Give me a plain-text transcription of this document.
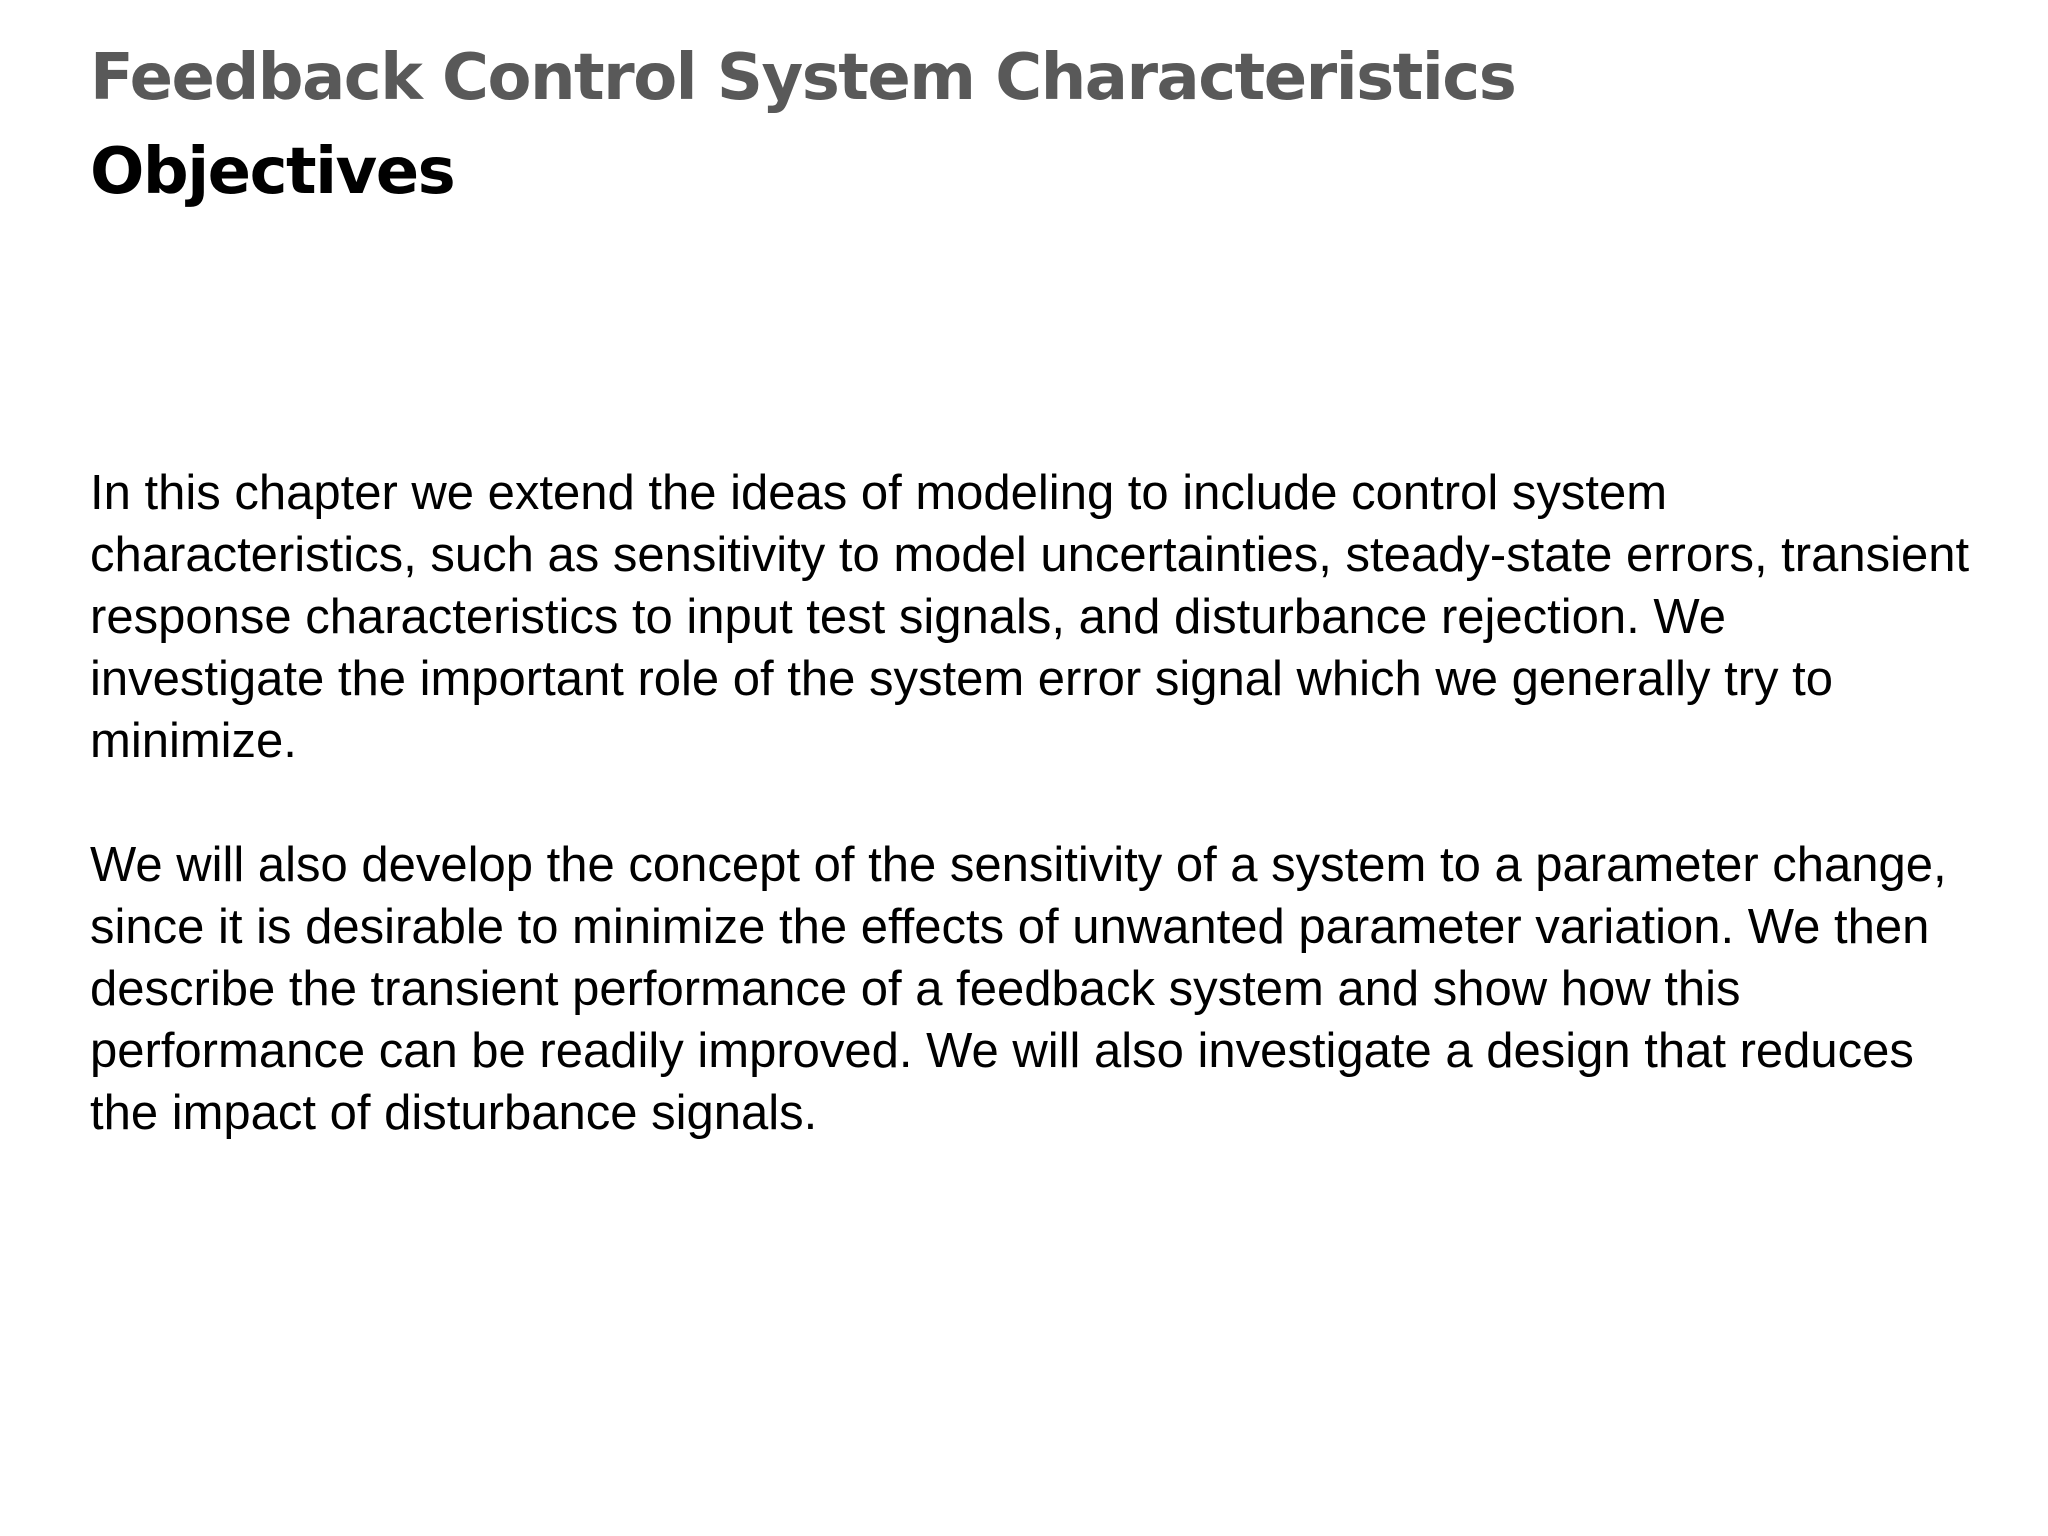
Feedback Control System Characteristics
Objectives

In this chapter we extend the ideas of modeling to include control system characteristics, such as sensitivity to model uncertainties, steady-state errors, transient response characteristics to input test signals, and disturbance rejection. We investigate the important role of the system error signal which we generally try to minimize.

We will also develop the concept of the sensitivity of a system to a parameter change, since it is desirable to minimize the effects of unwanted parameter variation. We then describe the transient performance of a feedback system and show how this performance can be readily improved. We will also investigate a design that reduces the impact of disturbance signals.
